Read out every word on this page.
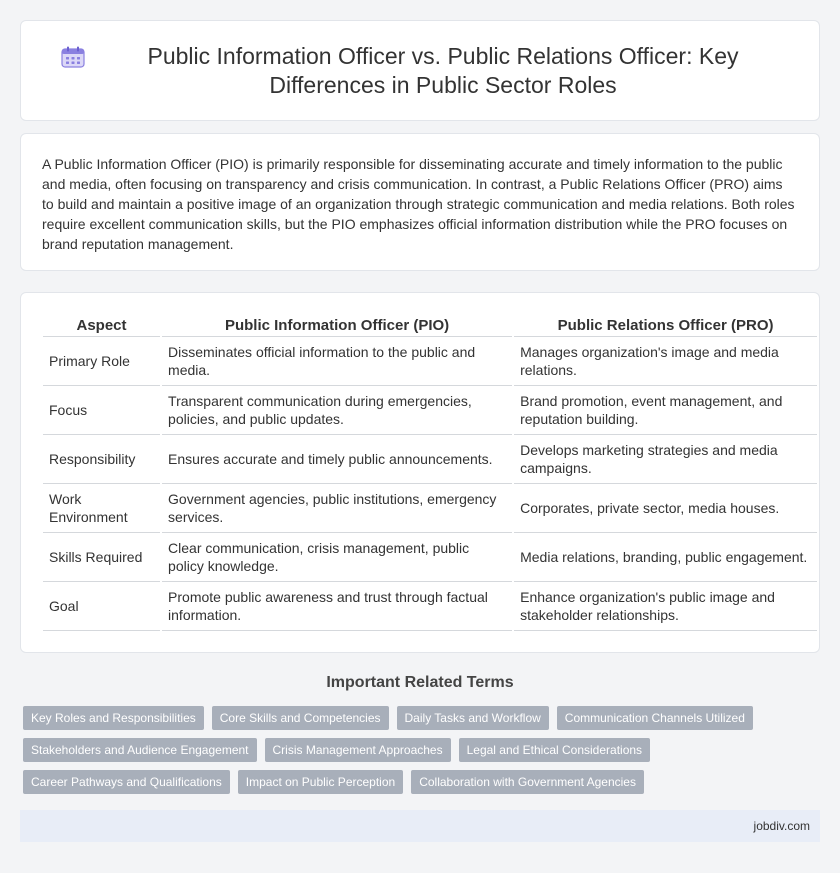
Public Information Officer vs. Public Relations Officer: Key Differences in Public Sector Roles

A Public Information Officer (PIO) is primarily responsible for disseminating accurate and timely information to the public and media, often focusing on transparency and crisis communication. In contrast, a Public Relations Officer (PRO) aims to build and maintain a positive image of an organization through strategic communication and media relations. Both roles require excellent communication skills, but the PIO emphasizes official information distribution while the PRO focuses on brand reputation management.

Aspect	Public Information Officer (PIO)	Public Relations Officer (PRO)
Primary Role	Disseminates official information to the public and media.	Manages organization's image and media relations.
Focus	Transparent communication during emergencies, policies, and public updates.	Brand promotion, event management, and reputation building.
Responsibility	Ensures accurate and timely public announcements.	Develops marketing strategies and media campaigns.
Work Environment	Government agencies, public institutions, emergency services.	Corporates, private sector, media houses.
Skills Required	Clear communication, crisis management, public policy knowledge.	Media relations, branding, public engagement.
Goal	Promote public awareness and trust through factual information.	Enhance organization's public image and stakeholder relationships.
Important Related Terms
Key Roles and Responsibilities	Core Skills and Competencies	Daily Tasks and Workflow	Communication Channels Utilized
Stakeholders and Audience Engagement	Crisis Management Approaches	Legal and Ethical Considerations
Career Pathways and Qualifications	Impact on Public Perception	Collaboration with Government Agencies
jobdiv.com
